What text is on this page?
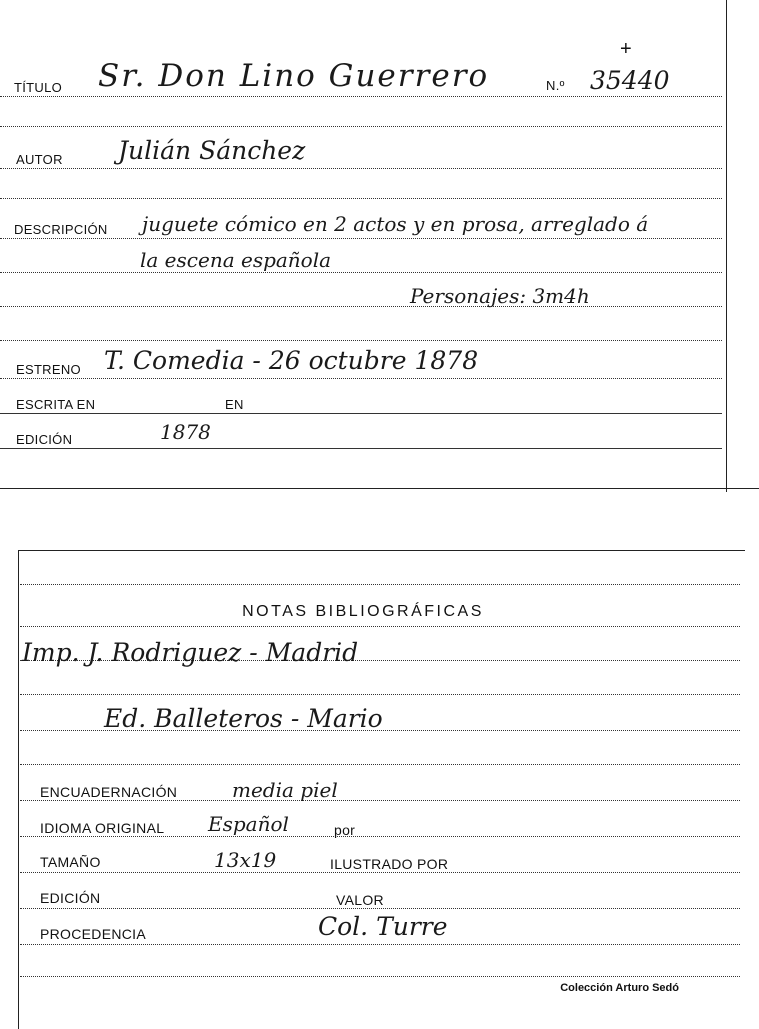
TÍTULO Sr. Don Lino Guerrero	N.º 35440
+
AUTOR Julián Sánchez
DESCRIPCIÓN juguete cómico en 2 actos y en prosa, arreglado á
la escena española
Personajes: 3m4h
ESTRENO T. Comedia - 26 octubre 1878
ESCRITA EN	EN
EDICIÓN	1878
NOTAS BIBLIOGRÁFICAS
Imp. J. Rodriguez - Madrid
Ed. Balleteros - Mario
ENCUADERNACIÓN	media piel
IDIOMA ORIGINAL Español	por
TAMAÑO	13x19	ILUSTRADO POR
EDICIÓN	VALOR
PROCEDENCIA	Col. Turre
Colección Arturo Sedó
